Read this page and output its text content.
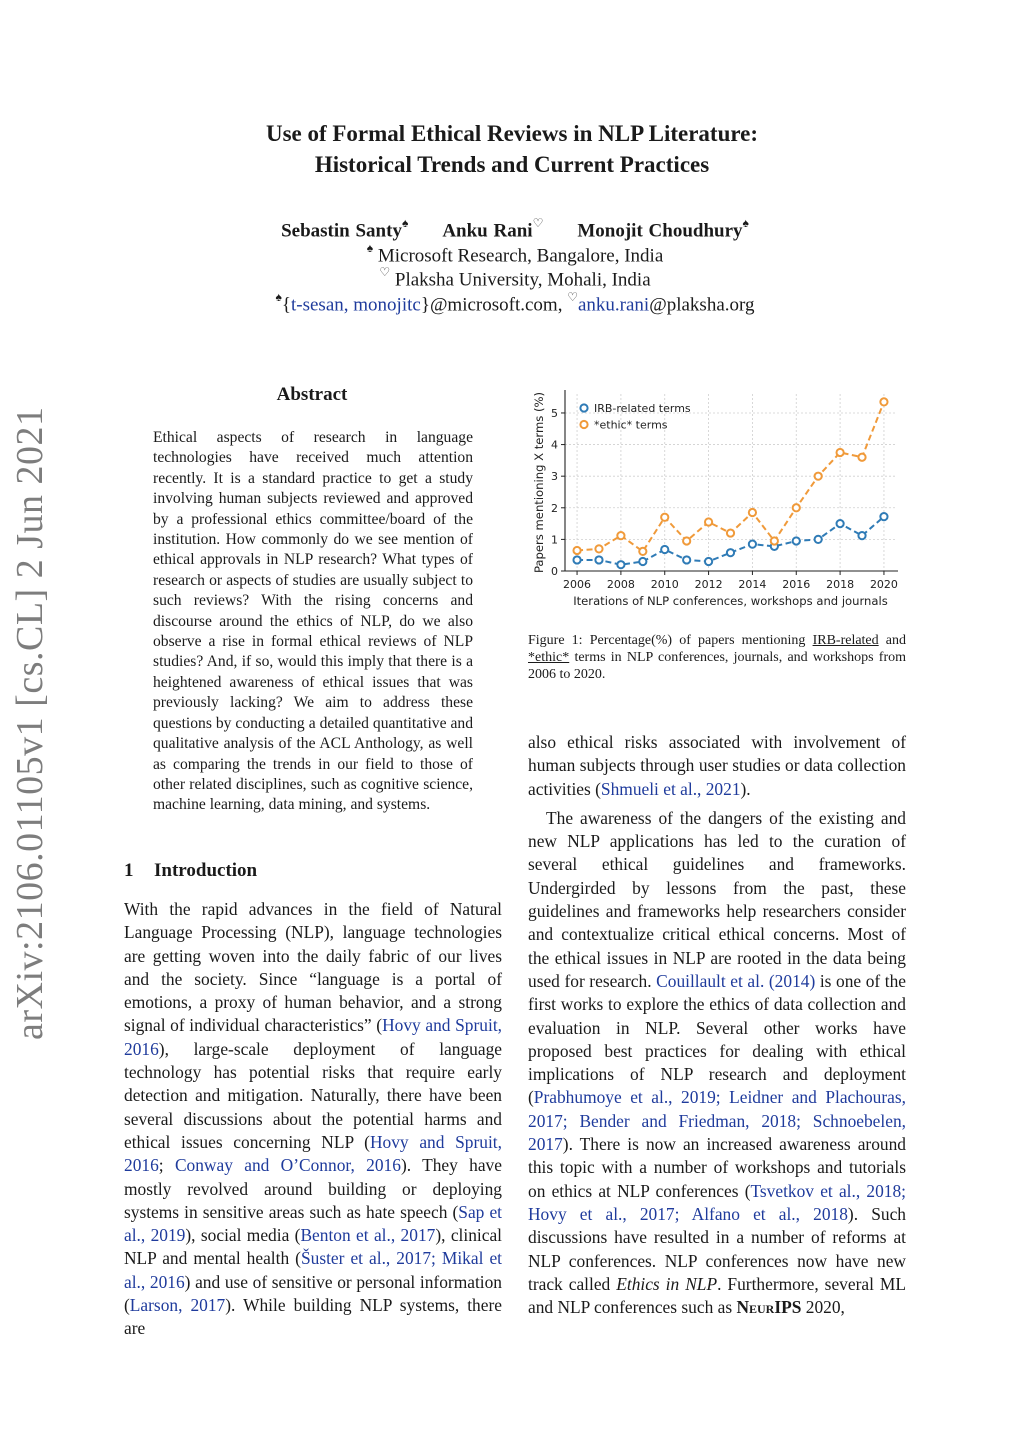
arXiv:2106.01105v1 [cs.CL] 2 Jun 2021
Use of Formal Ethical Reviews in NLP Literature:
Historical Trends and Current Practices
Sebastin Santy♠ Anku Rani♡ Monojit Choudhury♠
♠ Microsoft Research, Bangalore, India
♡ Plaksha University, Mohali, India
♠{t-sesan, monojitc}@microsoft.com, ♡anku.rani@plaksha.org
Abstract
Ethical aspects of research in language technologies have received much attention recently. It is a standard practice to get a study involving human subjects reviewed and approved by a professional ethics committee/board of the institution. How commonly do we see mention of ethical approvals in NLP research? What types of research or aspects of studies are usually subject to such reviews? With the rising concerns and discourse around the ethics of NLP, do we also observe a rise in formal ethical reviews of NLP studies? And, if so, would this imply that there is a heightened awareness of ethical issues that was previously lacking? We aim to address these questions by conducting a detailed quantitative and qualitative analysis of the ACL Anthology, as well as comparing the trends in our field to those of other related disciplines, such as cognitive science, machine learning, data mining, and systems.
1 Introduction

With the rapid advances in the field of Natural Language Processing (NLP), language technologies are getting woven into the daily fabric of our lives and the society. Since “language is a portal of emotions, a proxy of human behavior, and a strong signal of individual characteristics” (Hovy and Spruit, 2016), large-scale deployment of language technology has potential risks that require early detection and mitigation. Naturally, there have been several discussions about the potential harms and ethical issues concerning NLP (Hovy and Spruit, 2016; Conway and O’Connor, 2016). They have mostly revolved around building or deploying systems in sensitive areas such as hate speech (Sap et al., 2019), social media (Benton et al., 2017), clinical NLP and mental health (Šuster et al., 2017; Mikal et al., 2016) and use of sensitive or personal information (Larson, 2017). While building NLP systems, there are

0
1
2
3
4
5
2006 2008 2010 2012 2014 2016 2018 2020
Iterations of NLP conferences, workshops and journals
Papers mentioning X terms (%)	IRB-related terms
*ethic* terms
Figure 1: Percentage(%) of papers mentioning IRB-related and *ethic* terms in NLP conferences, journals, and workshops from 2006 to 2020.

also ethical risks associated with involvement of human subjects through user studies or data collection activities (Shmueli et al., 2021).

The awareness of the dangers of the existing and new NLP applications has led to the curation of several ethical guidelines and frameworks. Undergirded by lessons from the past, these guidelines and frameworks help researchers consider and contextualize critical ethical concerns. Most of the ethical issues in NLP are rooted in the data being used for research. Couillault et al. (2014) is one of the first works to explore the ethics of data collection and evaluation in NLP. Several other works have proposed best practices for dealing with ethical implications of NLP research and deployment (Prabhumoye et al., 2019; Leidner and Plachouras, 2017; Bender and Friedman, 2018; Schnoebelen, 2017). There is now an increased awareness around this topic with a number of workshops and tutorials on ethics at NLP conferences (Tsvetkov et al., 2018; Hovy et al., 2017; Alfano et al., 2018). Such discussions have resulted in a number of reforms at NLP conferences. NLP conferences now have new track called Ethics in NLP. Furthermore, several ML and NLP conferences such as NeurIPS 2020,
